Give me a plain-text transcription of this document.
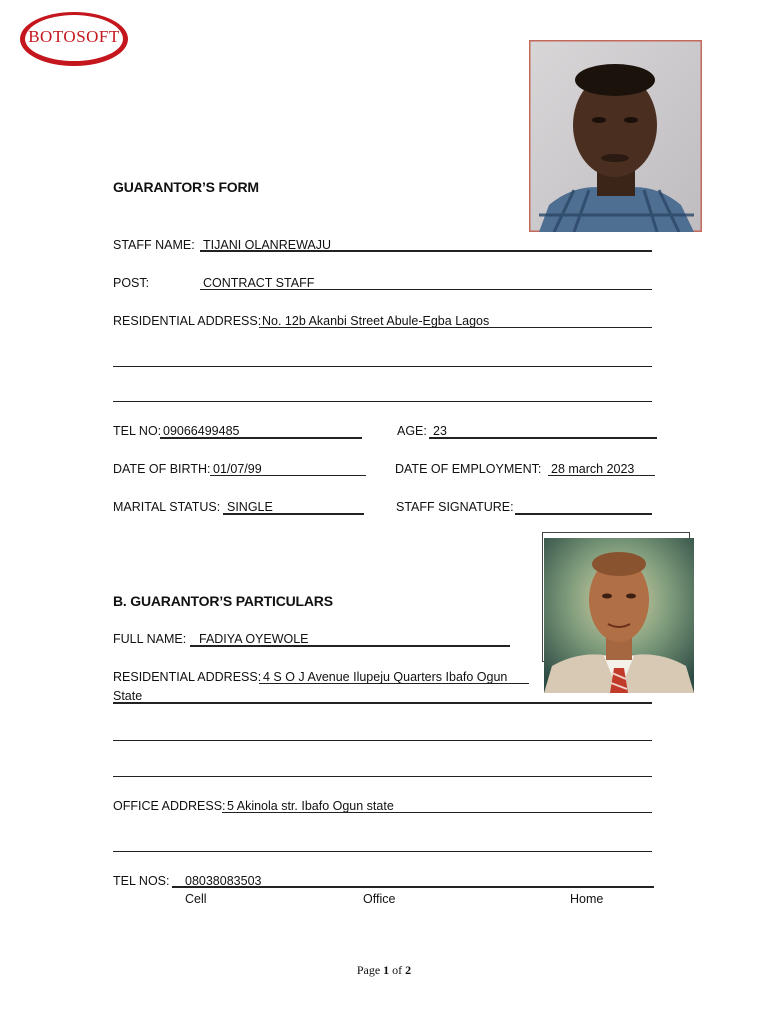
BOTOSOFT
GUARANTOR’S FORM
STAFF NAME: TIJANI OLANREWAJU
POST:	CONTRACT STAFF
RESIDENTIAL ADDRESS: No. 12b Akanbi Street Abule-Egba Lagos
TEL NO: 09066499485	AGE: 23
DATE OF BIRTH: 01/07/99	DATE OF EMPLOYMENT: 28 march 2023
MARITAL STATUS: SINGLE	STAFF SIGNATURE:
B. GUARANTOR’S PARTICULARS
FULL NAME: FADIYA OYEWOLE
RESIDENTIAL ADDRESS: 4 S O J Avenue Ilupeju Quarters Ibafo Ogun
State
OFFICE ADDRESS: 5 Akinola str. Ibafo Ogun state
TEL NOS: 08038083503
Cell	Office	Home
Page 1 of 2
